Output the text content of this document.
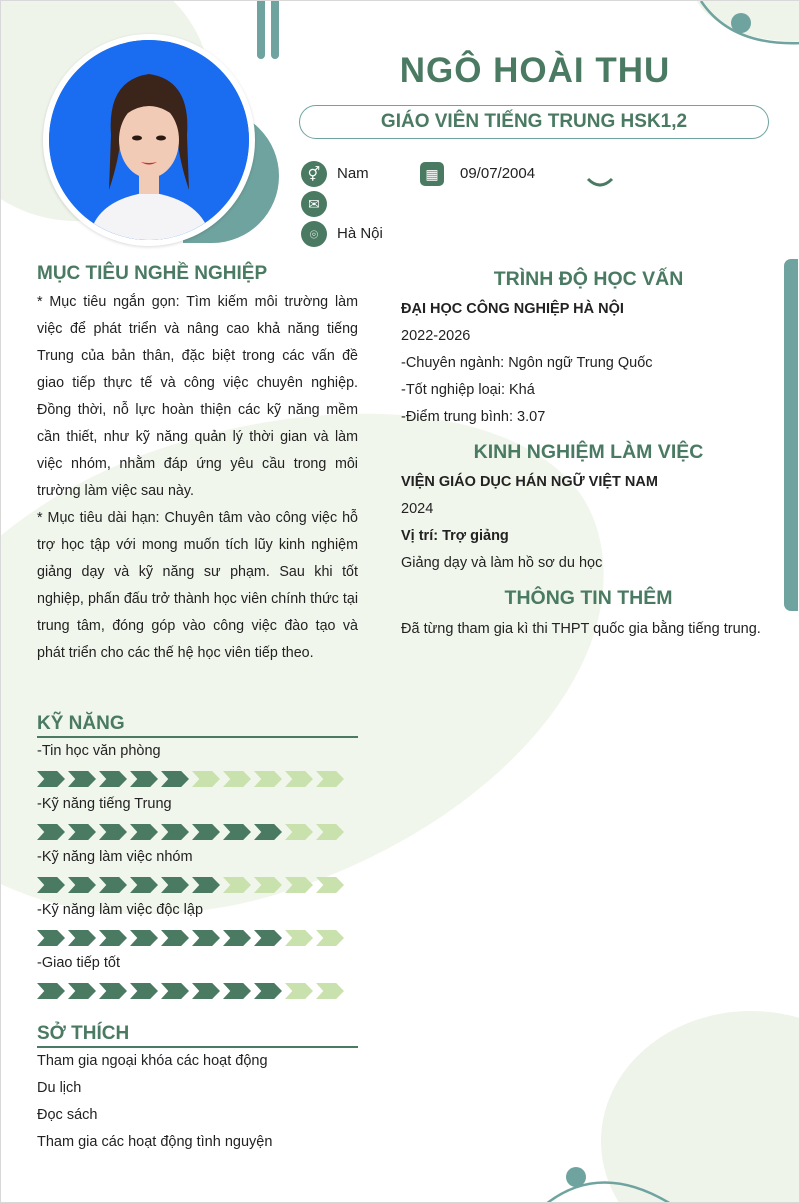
NGÔ HOÀI THU
GIÁO VIÊN TIẾNG TRUNG HSK1,2
⚥	Nam	▦	09/07/2004
✉
⌾	Hà Nội
MỤC TIÊU NGHỀ NGHIỆP
* Mục tiêu ngắn gọn: Tìm kiếm môi trường làm việc để phát triển và nâng cao khả năng tiếng Trung của bản thân, đặc biệt trong các vấn đề giao tiếp thực tế và công việc chuyên nghiệp. Đồng thời, nỗ lực hoàn thiện các kỹ năng mềm cần thiết, như kỹ năng quản lý thời gian và làm việc nhóm, nhằm đáp ứng yêu cầu trong môi trường làm việc sau này.
* Mục tiêu dài hạn: Chuyên tâm vào công việc hỗ trợ học tập với mong muốn tích lũy kinh nghiệm giảng dạy và kỹ năng sư phạm. Sau khi tốt nghiệp, phấn đấu trở thành học viên chính thức tại trung tâm, đóng góp vào công việc đào tạo và phát triển cho các thế hệ học viên tiếp theo.
KỸ NĂNG
-Tin học văn phòng
-Kỹ năng tiếng Trung
-Kỹ năng làm việc nhóm
-Kỹ năng làm việc độc lập
-Giao tiếp tốt
SỞ THÍCH
Tham gia ngoại khóa các hoạt động
Du lịch
Đọc sách
Tham gia các hoạt động tình nguyện
TRÌNH ĐỘ HỌC VẤN
ĐẠI HỌC CÔNG NGHIỆP HÀ NỘI
2022-2026
-Chuyên ngành: Ngôn ngữ Trung Quốc
-Tốt nghiệp loại: Khá
-Điểm trung bình: 3.07
KINH NGHIỆM LÀM VIỆC
VIỆN GIÁO DỤC HÁN NGỮ VIỆT NAM
2024
Vị trí: Trợ giảng
Giảng dạy và làm hồ sơ du học
THÔNG TIN THÊM
Đã từng tham gia kì thi THPT quốc gia bằng tiếng trung.
